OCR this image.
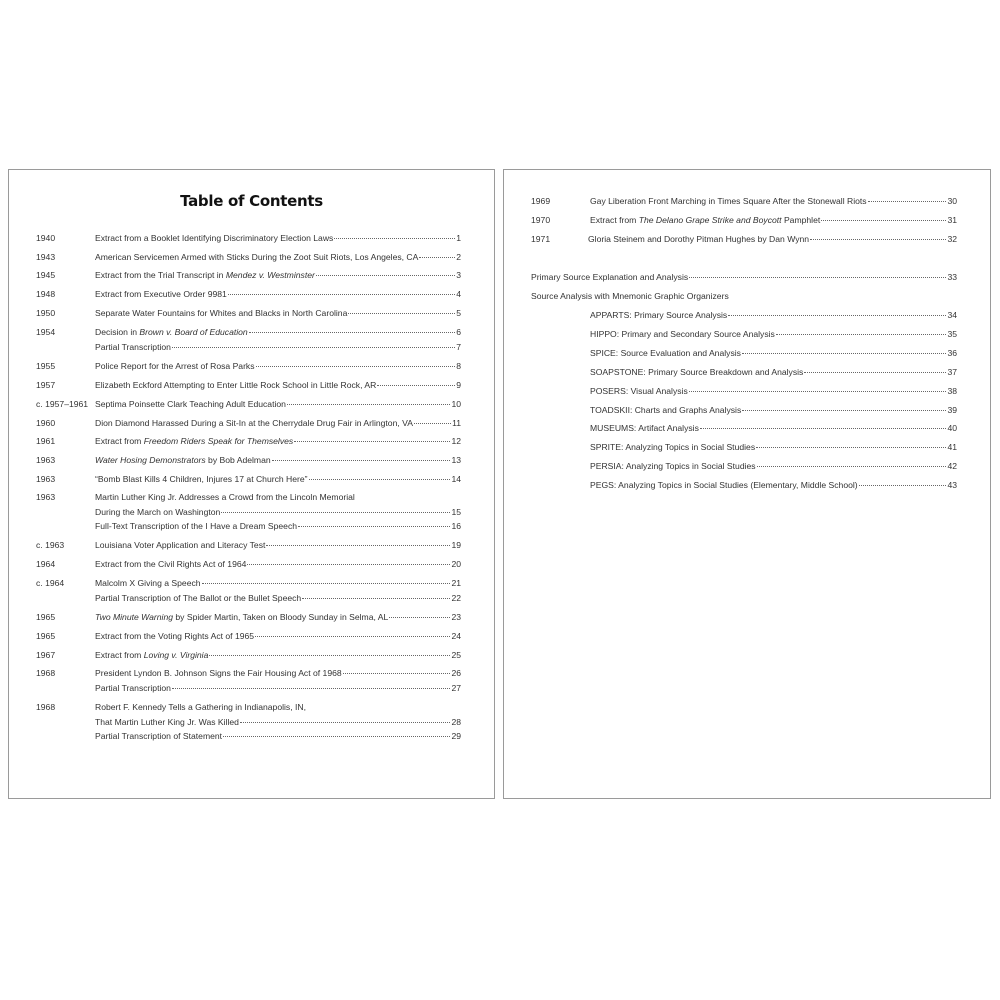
Table of Contents
1940	Extract from a Booklet Identifying Discriminatory Election Laws	1
1943	American Servicemen Armed with Sticks During the Zoot Suit Riots, Los Angeles, CA	2
1945	Extract from the Trial Transcript in Mendez v. Westminster	3
1948	Extract from Executive Order 9981	4
1950	Separate Water Fountains for Whites and Blacks in North Carolina	5
1954	Decision in Brown v. Board of Education	6
Partial Transcription	7
1955	Police Report for the Arrest of Rosa Parks	8
1957	Elizabeth Eckford Attempting to Enter Little Rock School in Little Rock, AR	9
c. 1957–1961 Septima Poinsette Clark Teaching Adult Education	10
1960	Dion Diamond Harassed During a Sit-In at the Cherrydale Drug Fair in Arlington, VA	11
1961	Extract from Freedom Riders Speak for Themselves	12
1963	Water Hosing Demonstrators by Bob Adelman	13
1963	“Bomb Blast Kills 4 Children, Injures 17 at Church Here”	14
1963	Martin Luther King Jr. Addresses a Crowd from the Lincoln Memorial
During the March on Washington	15
Full-Text Transcription of the I Have a Dream Speech	16
c. 1963	Louisiana Voter Application and Literacy Test	19
1964	Extract from the Civil Rights Act of 1964	20
c. 1964	Malcolm X Giving a Speech	21
Partial Transcription of The Ballot or the Bullet Speech	22
1965	Two Minute Warning by Spider Martin, Taken on Bloody Sunday in Selma, AL	23
1965	Extract from the Voting Rights Act of 1965	24
1967	Extract from Loving v. Virginia	25
1968	President Lyndon B. Johnson Signs the Fair Housing Act of 1968	26
Partial Transcription	27
1968	Robert F. Kennedy Tells a Gathering in Indianapolis, IN,
That Martin Luther King Jr. Was Killed	28
Partial Transcription of Statement	29
1969	Gay Liberation Front Marching in Times Square After the Stonewall Riots	30
1970	Extract from The Delano Grape Strike and Boycott Pamphlet	31
1971	Gloria Steinem and Dorothy Pitman Hughes by Dan Wynn	32
Primary Source Explanation and Analysis	33
Source Analysis with Mnemonic Graphic Organizers
APPARTS: Primary Source Analysis	34
HIPPO: Primary and Secondary Source Analysis	35
SPICE: Source Evaluation and Analysis	36
SOAPSTONE: Primary Source Breakdown and Analysis	37
POSERS: Visual Analysis	38
TOADSKII: Charts and Graphs Analysis	39
MUSEUMS: Artifact Analysis	40
SPRITE: Analyzing Topics in Social Studies	41
PERSIA: Analyzing Topics in Social Studies	42
PEGS: Analyzing Topics in Social Studies (Elementary, Middle School)	43
